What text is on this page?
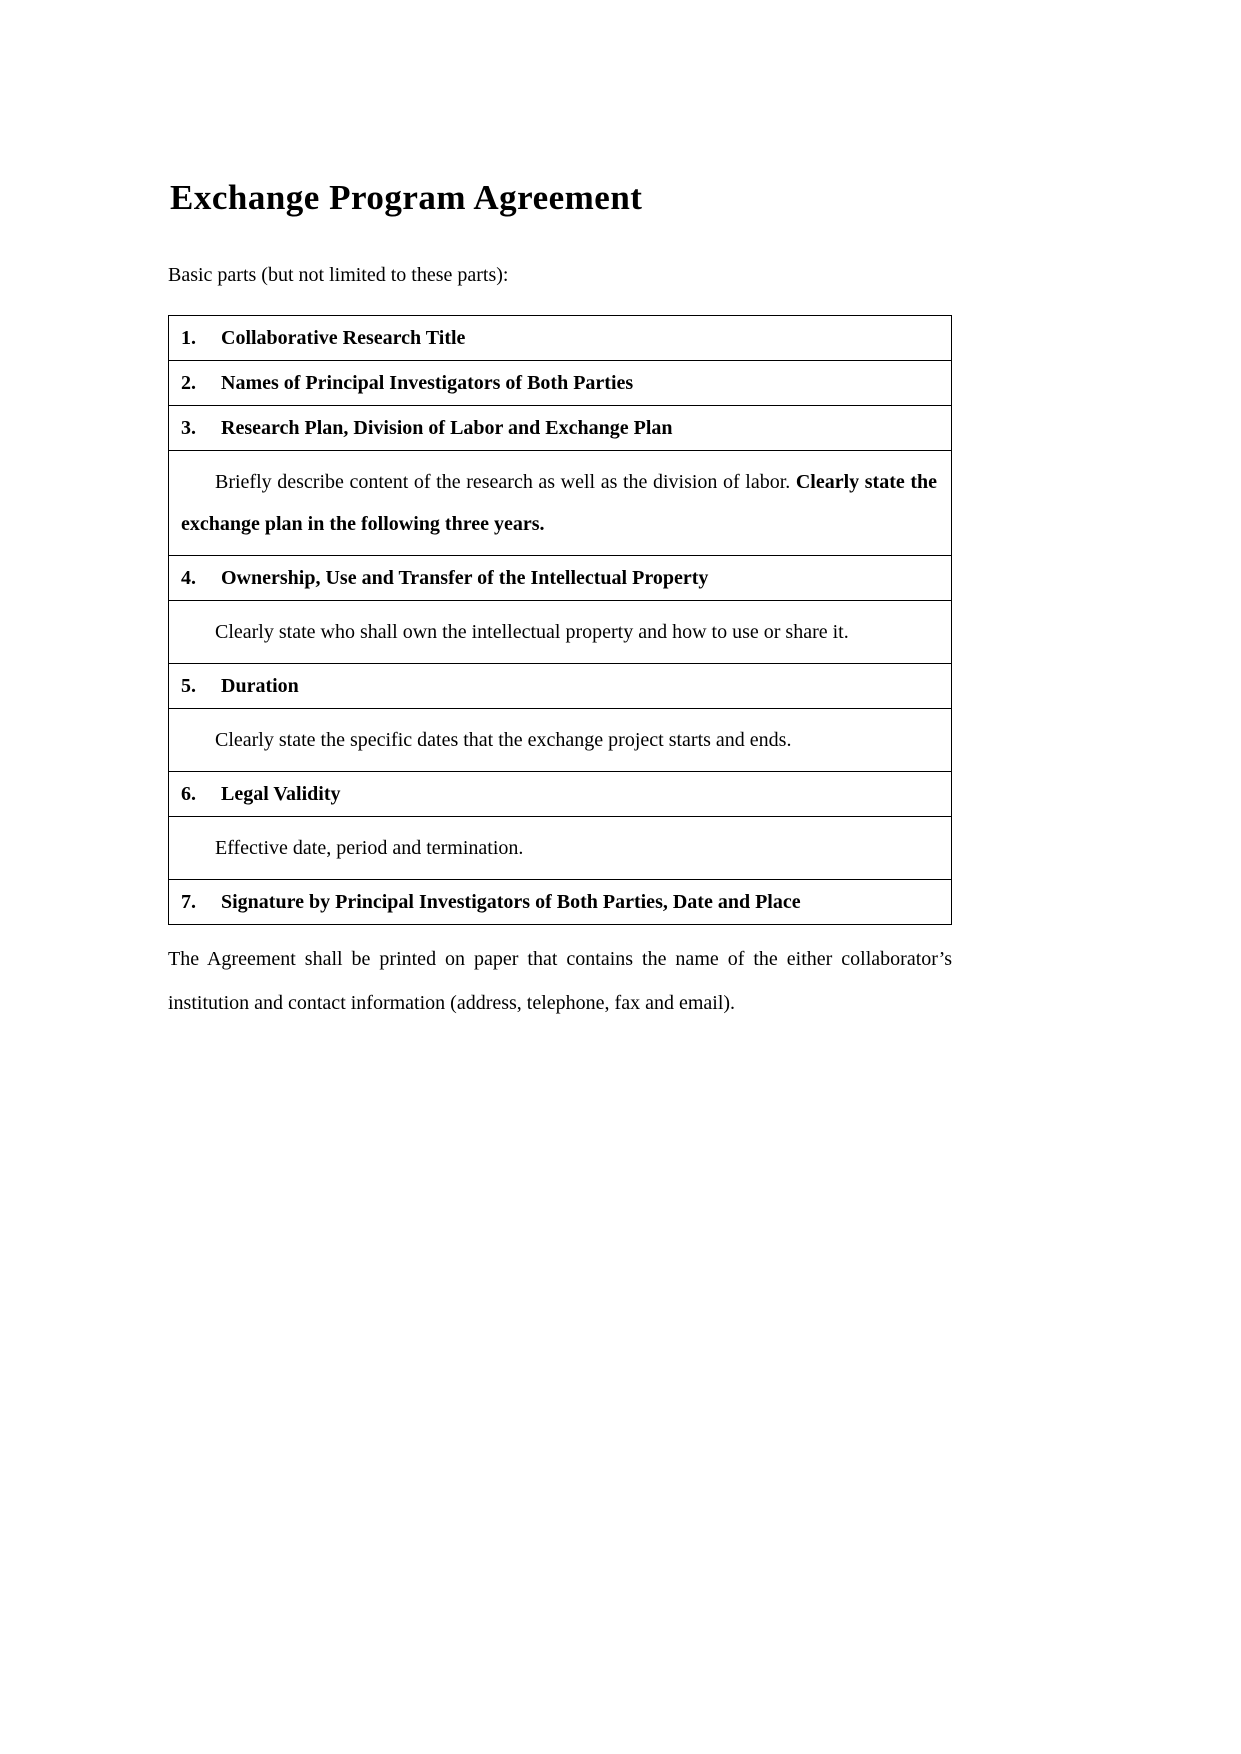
Exchange Program Agreement

Basic parts (but not limited to these parts):

1.	Collaborative Research Title
2.	Names of Principal Investigators of Both Parties
3.	Research Plan, Division of Labor and Exchange Plan
Briefly describe content of the research as well as the division of labor. Clearly state the exchange plan in the following three years.
4.	Ownership, Use and Transfer of the Intellectual Property
Clearly state who shall own the intellectual property and how to use or share it.
5.	Duration
Clearly state the specific dates that the exchange project starts and ends.
6.	Legal Validity
Effective date, period and termination.
7.	Signature by Principal Investigators of Both Parties, Date and Place

The Agreement shall be printed on paper that contains the name of the either collaborator’s institution and contact information (address, telephone, fax and email).
